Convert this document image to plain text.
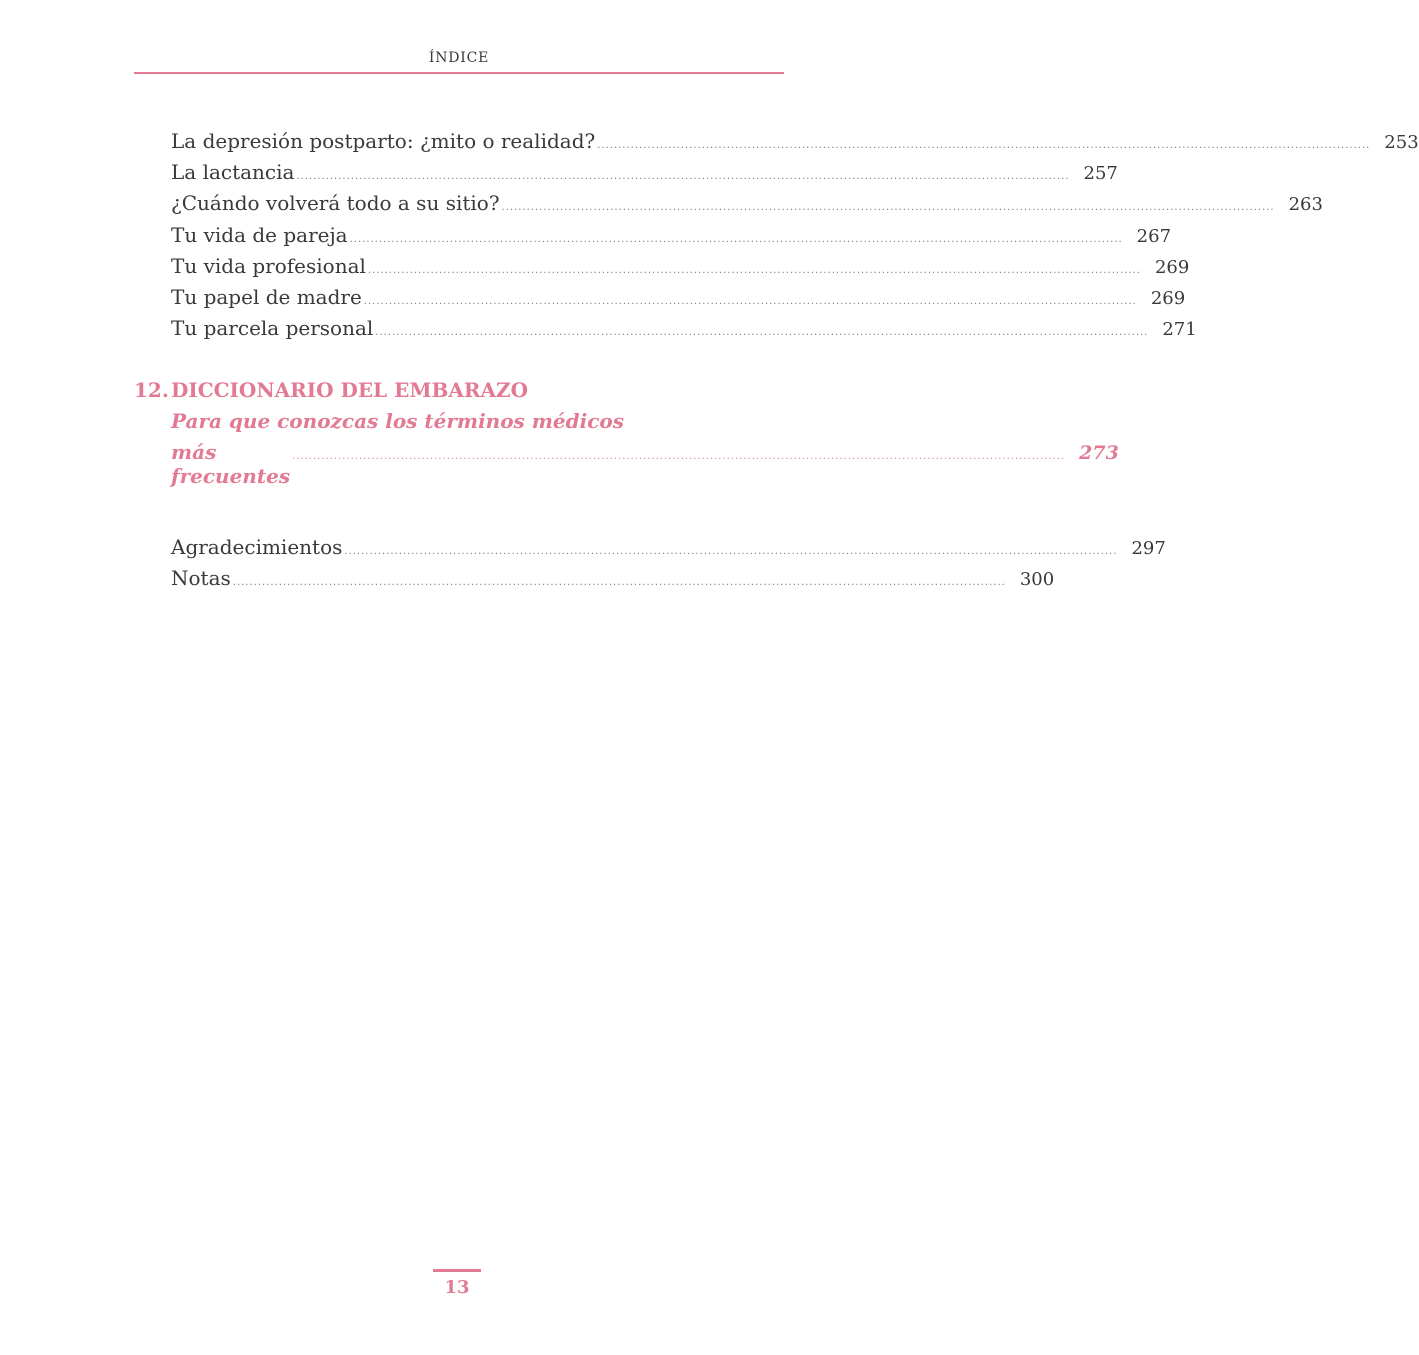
ÍNDICE
La depresión postparto: ¿mito o realidad? ......................................................................................................................................................................................... 253
La lactancia ......................................................................................................................................................................................... 257
¿Cuándo volverá todo a su sitio? ......................................................................................................................................................................................... 263
Tu vida de pareja ......................................................................................................................................................................................... 267
Tu vida profesional ......................................................................................................................................................................................... 269
Tu papel de madre ......................................................................................................................................................................................... 269
Tu parcela personal ......................................................................................................................................................................................... 271
12. DICCIONARIO DEL EMBARAZO
Para que conozcas los términos médicos
más frecuentes
......................................................................................................................................................................................... 273
Agradecimientos ......................................................................................................................................................................................... 297
Notas ......................................................................................................................................................................................... 300
13
